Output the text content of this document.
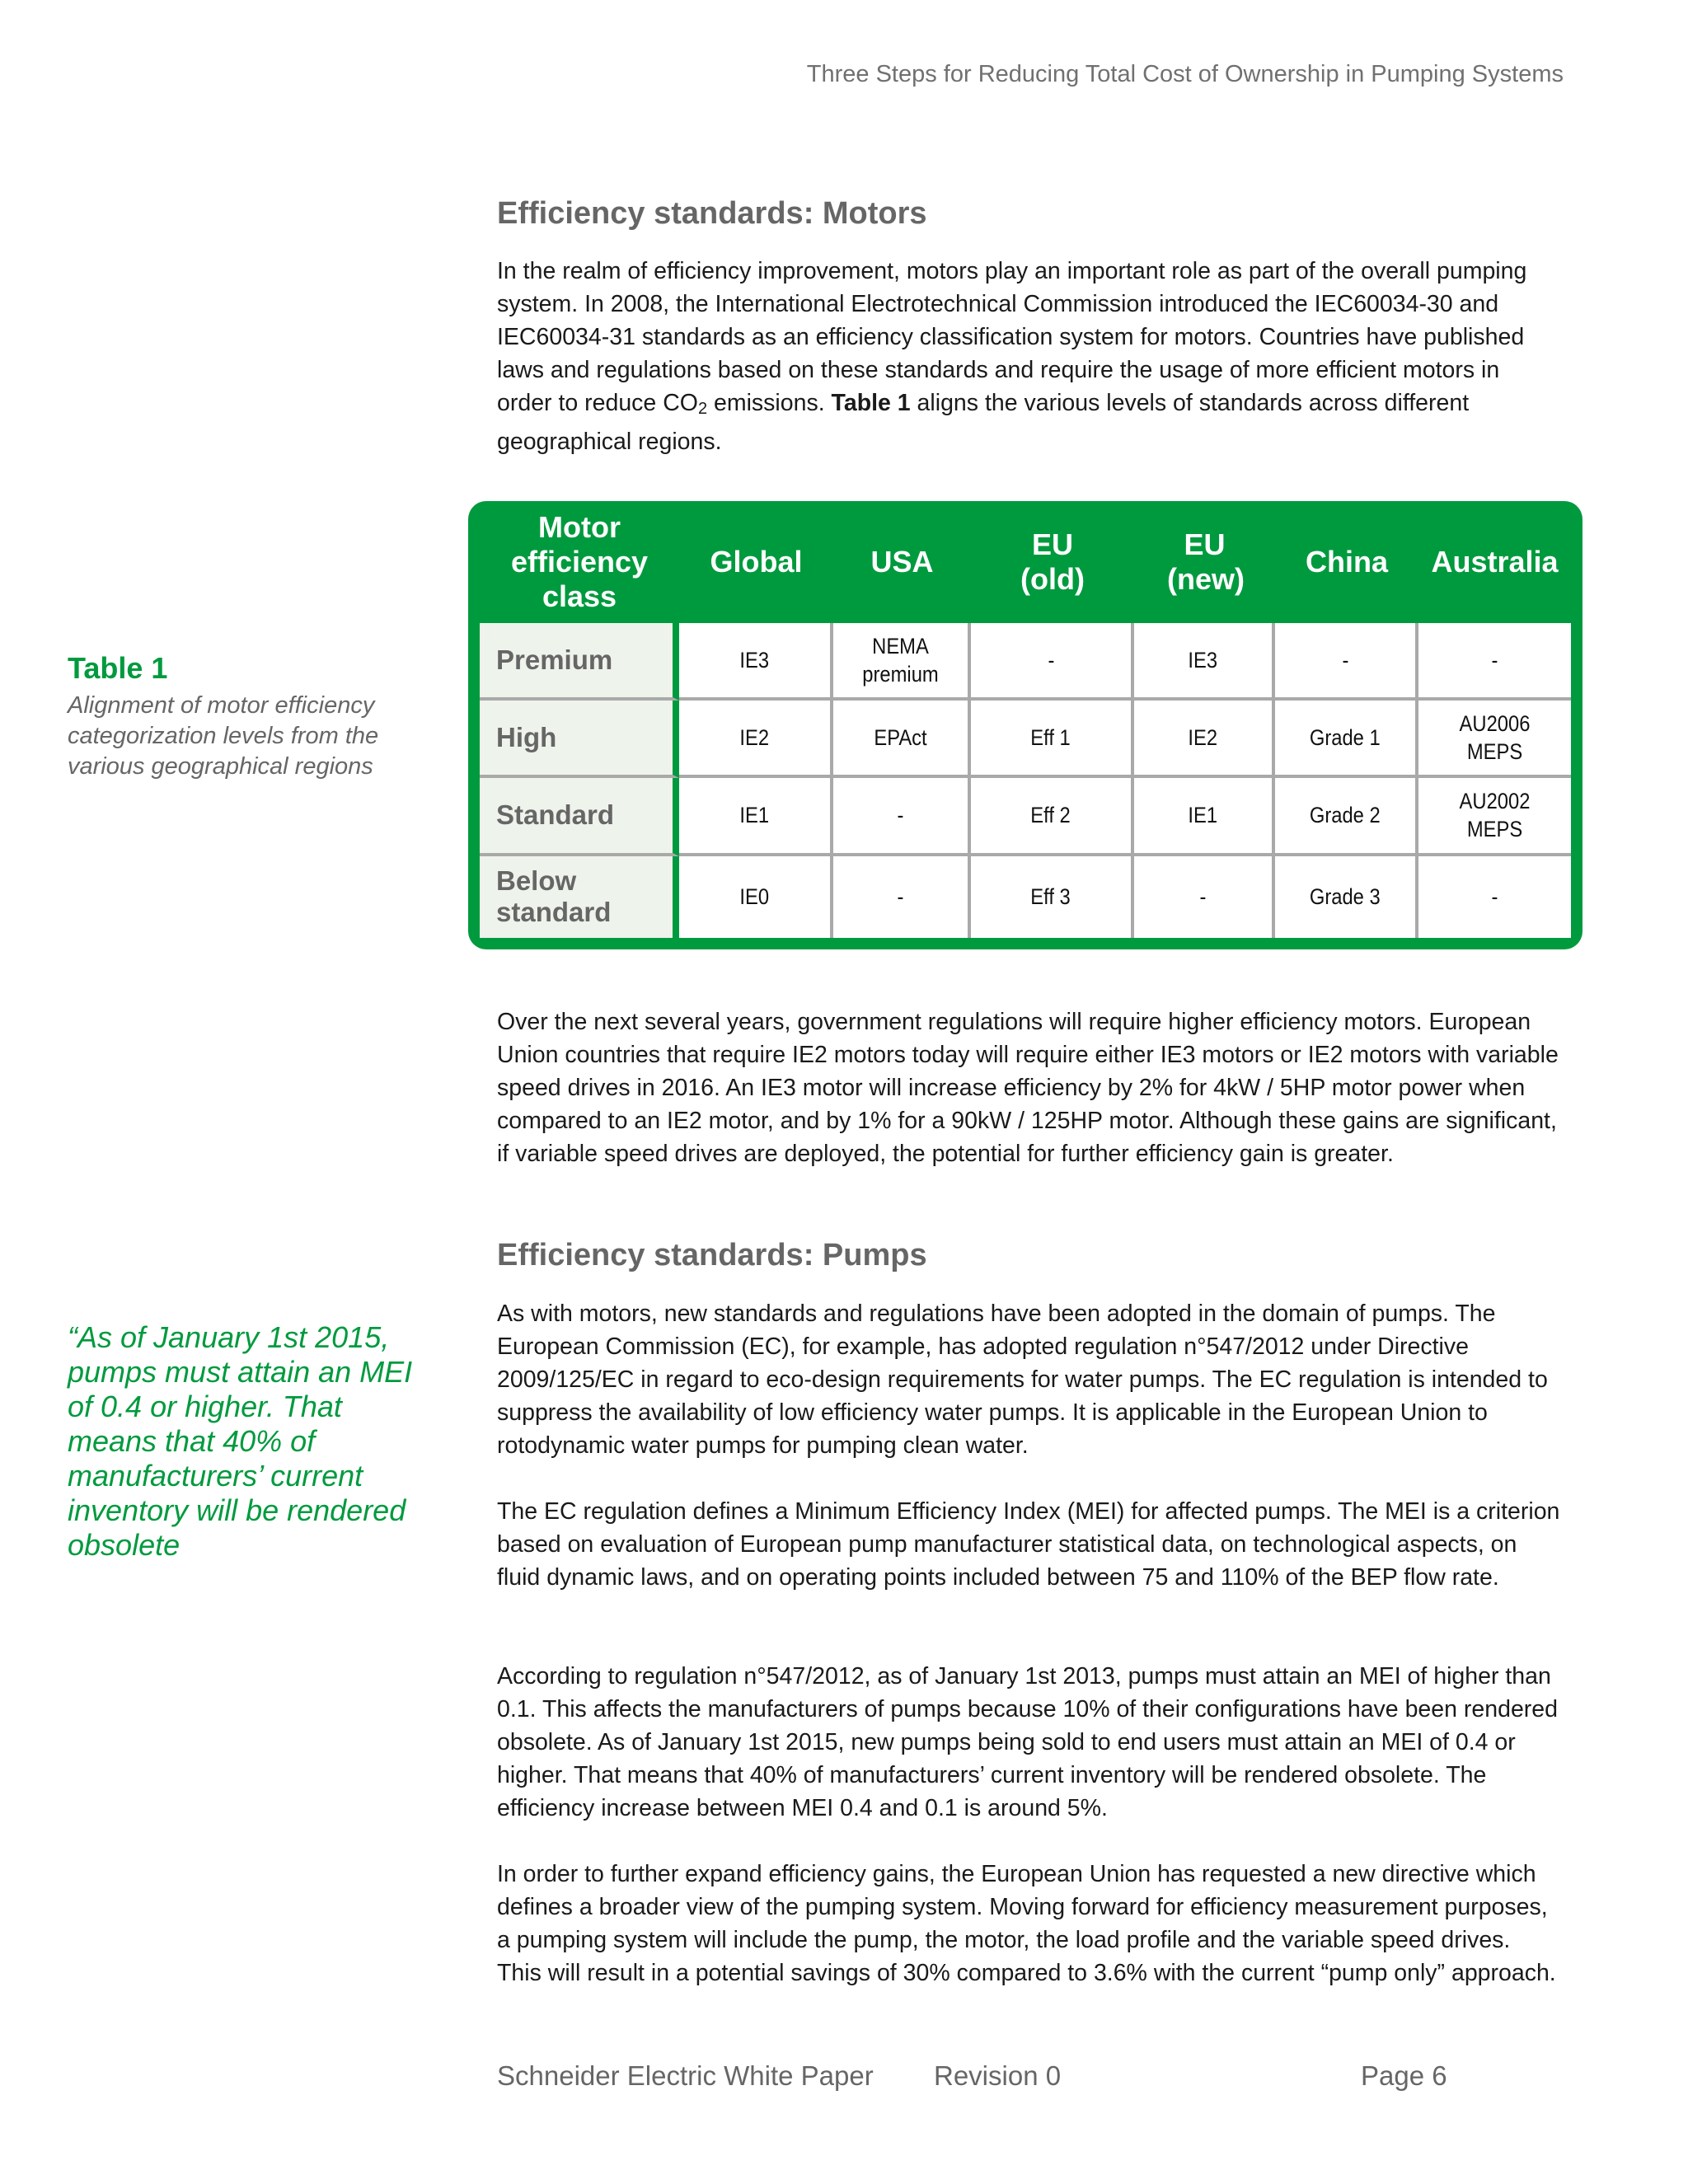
Three Steps for Reducing Total Cost of Ownership in Pumping Systems
Efficiency standards: Motors

In the realm of efficiency improvement, motors play an important role as part of the overall pumping system. In 2008, the International Electrotechnical Commission introduced the IEC60034-30 and IEC60034-31 standards as an efficiency classification system for motors. Countries have published laws and regulations based on these standards and require the usage of more efficient motors in order to reduce $CO_2$ emissions. Table 1 aligns the various levels of standards across different geographical regions.

Table 1
Alignment of motor efficiency categorization levels from the various geographical regions
Motor efficiency class	Global	USA	EU (old)	EU (new)	China	Australia
Premium	IE3	NEMA premium	-	IE3	-	-
High	IE2	EPAct	Eff 1	IE2	Grade 1	AU2006 MEPS
Standard	IE1	-	Eff 2	IE1	Grade 2	AU2002 MEPS
Below standard	IE0	-	Eff 3	-	Grade 3	-

Over the next several years, government regulations will require higher efficiency motors. European Union countries that require IE2 motors today will require either IE3 motors or IE2 motors with variable speed drives in 2016. An IE3 motor will increase efficiency by 2% for 4kW / 5HP motor power when compared to an IE2 motor, and by 1% for a 90kW / 125HP motor. Although these gains are significant, if variable speed drives are deployed, the potential for further efficiency gain is greater.

Efficiency standards: Pumps

As with motors, new standards and regulations have been adopted in the domain of pumps. The European Commission (EC), for example, has adopted regulation n°547/2012 under Directive 2009/125/EC in regard to eco-design requirements for water pumps. The EC regulation is intended to suppress the availability of low efficiency water pumps. It is applicable in the European Union to rotodynamic water pumps for pumping clean water.

The EC regulation defines a Minimum Efficiency Index (MEI) for affected pumps. The MEI is a criterion based on evaluation of European pump manufacturer statistical data, on technological aspects, on fluid dynamic laws, and on operating points included between 75 and 110% of the BEP flow rate.

According to regulation n°547/2012, as of January 1st 2013, pumps must attain an MEI of higher than 0.1. This affects the manufacturers of pumps because 10% of their configurations have been rendered obsolete. As of January 1st 2015, new pumps being sold to end users must attain an MEI of 0.4 or higher. That means that 40% of manufacturers’ current inventory will be rendered obsolete. The efficiency increase between MEI 0.4 and 0.1 is around 5%.

In order to further expand efficiency gains, the European Union has requested a new directive which defines a broader view of the pumping system. Moving forward for efficiency measurement purposes, a pumping system will include the pump, the motor, the load profile and the variable speed drives. This will result in a potential savings of 30% compared to 3.6% with the current “pump only” approach.

“As of January 1st 2015, pumps must attain an MEI of 0.4 or higher. That means that 40% of manufacturers’ current inventory will be rendered obsolete
Schneider Electric White Paper Revision 0	Page 6
